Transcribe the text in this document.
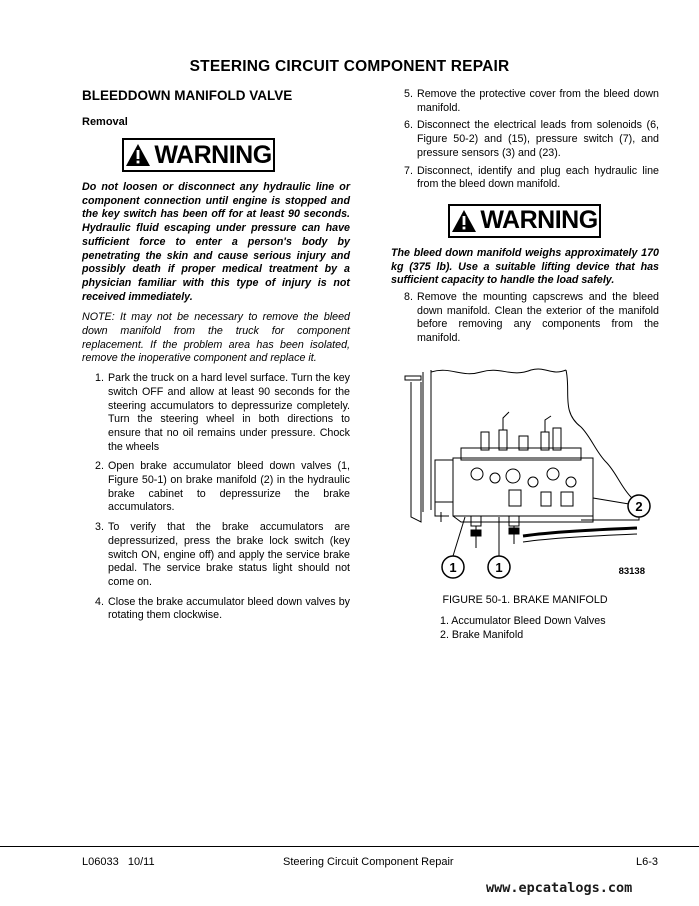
STEERING CIRCUIT COMPONENT REPAIR
BLEEDDOWN MANIFOLD VALVE
Removal
WARNING

Do not loosen or disconnect any hydraulic line or component connection until engine is stopped and the key switch has been off for at least 90 seconds. Hydraulic fluid escaping under pressure can have sufficient force to enter a person's body by penetrating the skin and cause serious injury and possibly death if proper medical treatment by a physician familiar with this type of injury is not received immediately.

NOTE: It may not be necessary to remove the bleed down manifold from the truck for component replacement. If the problem area has been isolated, remove the inoperative component and replace it.

1. Park the truck on a hard level surface. Turn the key switch OFF and allow at least 90 seconds for the steering accumulators to depressurize completely. Turn the steering wheel in both directions to ensure that no oil remains under pressure. Chock the wheels
2. Open brake accumulator bleed down valves (1, Figure 50-1) on brake manifold (2) in the hydraulic brake cabinet to depressurize the brake accumulators.
3. To verify that the brake accumulators are depressurized, press the brake lock switch (key switch ON, engine off) and apply the service brake pedal. The service brake status light should not come on.
4. Close the brake accumulator bleed down valves by rotating them clockwise.
5. Remove the protective cover from the bleed down manifold.
6. Disconnect the electrical leads from solenoids (6, Figure 50-2) and (15), pressure switch (7), and pressure sensors (3) and (23).
7. Disconnect, identify and plug each hydraulic line from the bleed down manifold.
WARNING

The bleed down manifold weighs approximately 170 kg (375 lb). Use a suitable lifting device that has sufficient capacity to handle the load safely.

8. Remove the mounting capscrews and the bleed down manifold. Clean the exterior of the manifold before removing any components from the manifold.
1	1
2
83138

FIGURE 50-1. BRAKE MANIFOLD

1. Accumulator Bleed Down Valves

2. Brake Manifold

L06033   10/11	Steering Circuit Component Repair	L6-3
www.epcatalogs.com
